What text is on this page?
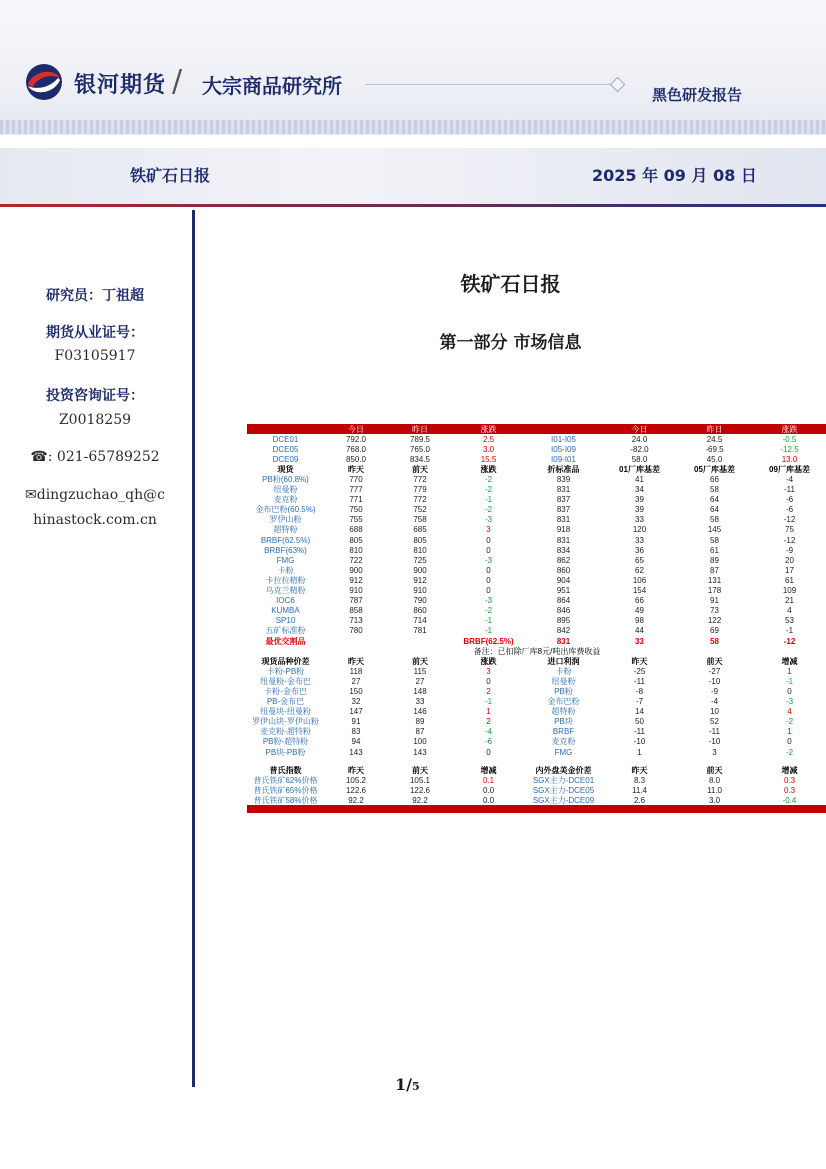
银河期货 / 大宗商品研究所	黑色研发报告
铁矿石日报	2025 年 09 月 08 日
研究员：丁祖超
期货从业证号：
F03105917
投资咨询证号：
Z0018259
☎: 021-65789252
✉dingzuchao_qh@c
hinastock.com.cn
铁矿石日报
第一部分 市场信息
	今日	昨日	涨跌		今日	昨日	涨跌
DCE01	792.0	789.5	2.5	I01-I05	24.0	24.5	-0.5
DCE05	768.0	765.0	3.0	I05-I09	-82.0	-69.5	-12.5
DCE09	850.0	834.5	15.5	I09-I01	58.0	45.0	13.0
现货	昨天	前天	涨跌	折标准品	01厂库基差	05厂库基差	09厂库基差
PB粉(60.8%)	770	772	-2	839	41	66	-4
纽曼粉	777	779	-2	831	34	58	-11
麦克粉	771	772	-1	837	39	64	-6
金布巴粉(60.5%)	750	752	-2	837	39	64	-6
罗伊山粉	755	758	-3	831	33	58	-12
超特粉	688	685	3	918	120	145	75
BRBF(62.5%)	805	805	0	831	33	58	-12
BRBF(63%)	810	810	0	834	36	61	-9
FMG	722	725	-3	862	65	89	20
卡粉	900	900	0	860	62	87	17
卡拉拉精粉	912	912	0	904	106	131	61
乌克兰精粉	910	910	0	951	154	178	109
IOC6	787	790	-3	864	66	91	21
KUMBA	858	860	-2	846	49	73	4
SP10	713	714	-1	895	98	122	53
五矿标准粉	780	781	-1	842	44	69	-1
最优交割品			BRBF(62.5%)	831	33	58	-12
备注：已扣除厂库8元/吨出库费收益							
现货品种价差	昨天	前天	涨跌	进口利润	昨天	前天	增减
卡粉-PB粉	118	115	3	卡粉	-25	-27	1
纽曼粉-金布巴	27	27	0	纽曼粉	-11	-10	-1
卡粉-金布巴	150	148	2	PB粉	-8	-9	0
PB-金布巴	32	33	-1	金布巴粉	-7	-4	-3
纽曼块-纽曼粉	147	146	1	超特粉	14	10	4
罗伊山块-罗伊山粉	91	89	2	PB块	50	52	-2
麦克粉-超特粉	83	87	-4	BRBF	-11	-11	1
PB粉-超特粉	94	100	-6	麦克粉	-10	-10	0
PB块-PB粉	143	143	0	FMG	1	3	-2

普氏指数	昨天	前天	增减	内外盘美金价差	昨天	前天	增减
普氏铁矿62%价格	105.2	105.1	0.1	SGX主力-DCE01	8.3	8.0	0.3
普氏铁矿65%价格	122.6	122.6	0.0	SGX主力-DCE05	11.4	11.0	0.3
普氏铁矿58%价格	92.2	92.2	0.0	SGX主力-DCE09	2.6	3.0	-0.4

1/5
